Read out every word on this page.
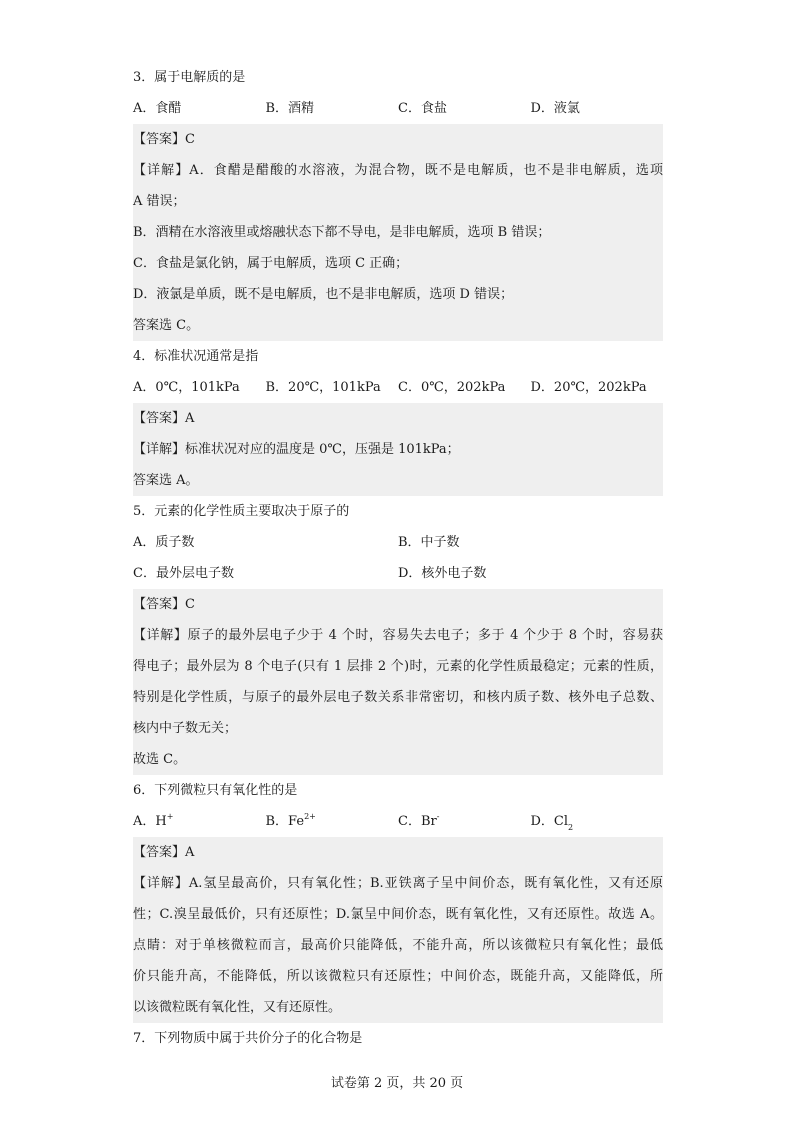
3．属于电解质的是
A．食醋	B．酒精	C．食盐	D．液氯
【答案】C
【详解】A．食醋是醋酸的水溶液，为混合物，既不是电解质，也不是非电解质，选项
A 错误；
B．酒精在水溶液里或熔融状态下都不导电，是非电解质，选项 B 错误；
C．食盐是氯化钠，属于电解质，选项 C 正确；
D．液氯是单质，既不是电解质，也不是非电解质，选项 D 错误；
答案选 C。
4．标准状况通常是指
A．0℃，101kPa	B．20℃，101kPa	C．0℃，202kPa	D．20℃，202kPa
【答案】A
【详解】标准状况对应的温度是 0℃，压强是 101kPa；
答案选 A。
5．元素的化学性质主要取决于原子的
A．质子数	B．中子数
C．最外层电子数	D．核外电子数
【答案】C
【详解】原子的最外层电子少于 4 个时，容易失去电子；多于 4 个少于 8 个时，容易获
得电子；最外层为 8 个电子(只有 1 层排 2 个)时，元素的化学性质最稳定；元素的性质，
特别是化学性质，与原子的最外层电子数关系非常密切，和核内质子数、核外电子总数、
核内中子数无关；
故选 C。
6．下列微粒只有氧化性的是
A．H+	B．$Fe^{2+}$	C．Br-	D．$Cl_2$
【答案】A
【详解】A.氢呈最高价，只有氧化性；B.亚铁离子呈中间价态，既有氧化性，又有还原
性；C.溴呈最低价，只有还原性；D.氯呈中间价态，既有氧化性，又有还原性。故选 A。
点睛：对于单核微粒而言，最高价只能降低，不能升高，所以该微粒只有氧化性；最低
价只能升高，不能降低，所以该微粒只有还原性；中间价态，既能升高，又能降低，所
以该微粒既有氧化性，又有还原性。
7．下列物质中属于共价分子的化合物是
试卷第 2 页，共 20 页
